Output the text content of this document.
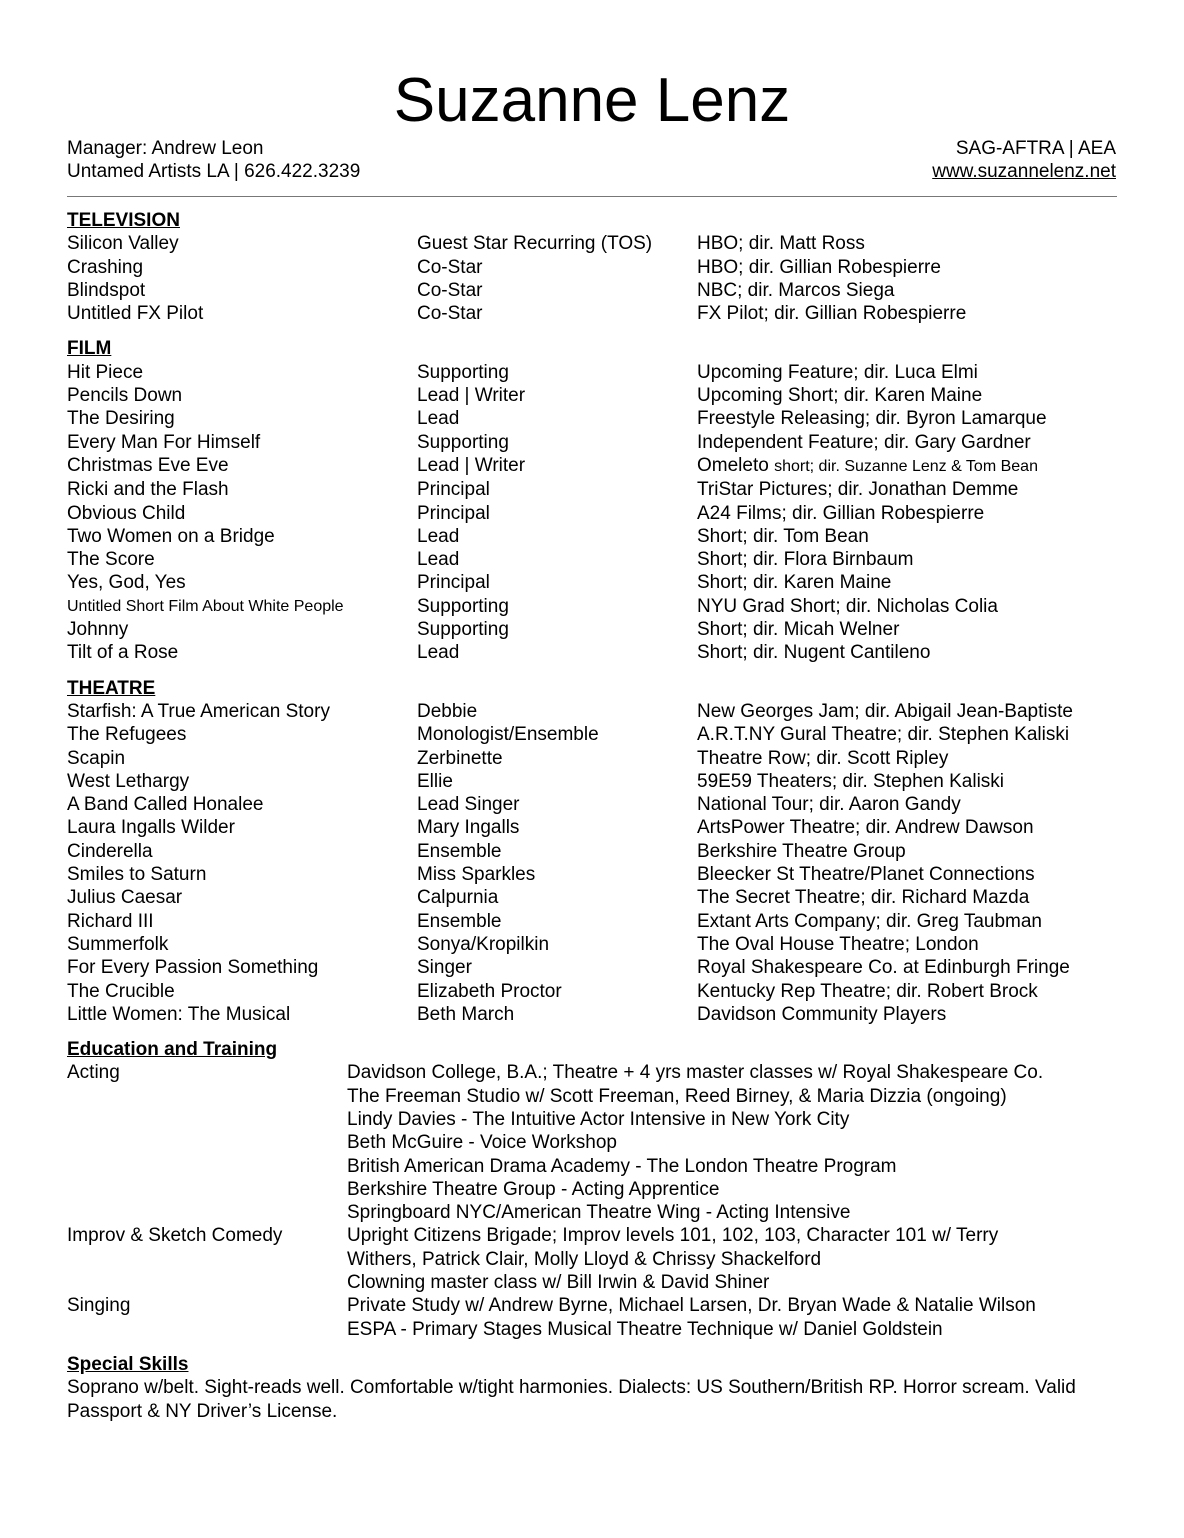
Suzanne Lenz
Manager: Andrew Leon
Untamed Artists LA | 626.422.3239
SAG-AFTRA | AEA
www.suzannelenz.net
TELEVISION
Silicon Valley	Guest Star Recurring (TOS)	HBO; dir. Matt Ross
Crashing	Co-Star	HBO; dir. Gillian Robespierre
Blindspot	Co-Star	NBC; dir. Marcos Siega
Untitled FX Pilot	Co-Star	FX Pilot; dir. Gillian Robespierre
FILM
Hit Piece	Supporting	Upcoming Feature; dir. Luca Elmi
Pencils Down	Lead | Writer	Upcoming Short; dir. Karen Maine
The Desiring	Lead	Freestyle Releasing; dir. Byron Lamarque
Every Man For Himself	Supporting	Independent Feature; dir. Gary Gardner
Christmas Eve Eve	Lead | Writer	Omeleto short; dir. Suzanne Lenz & Tom Bean
Ricki and the Flash	Principal	TriStar Pictures; dir. Jonathan Demme
Obvious Child	Principal	A24 Films; dir. Gillian Robespierre
Two Women on a Bridge	Lead	Short; dir. Tom Bean
The Score	Lead	Short; dir. Flora Birnbaum
Yes, God, Yes	Principal	Short; dir. Karen Maine
Untitled Short Film About White People	Supporting	NYU Grad Short; dir. Nicholas Colia
Johnny	Supporting	Short; dir. Micah Welner
Tilt of a Rose	Lead	Short; dir. Nugent Cantileno
THEATRE
Starfish: A True American Story	Debbie	New Georges Jam; dir. Abigail Jean-Baptiste
The Refugees	Monologist/Ensemble	A.R.T.NY Gural Theatre; dir. Stephen Kaliski
Scapin	Zerbinette	Theatre Row; dir. Scott Ripley
West Lethargy	Ellie	59E59 Theaters; dir. Stephen Kaliski
A Band Called Honalee	Lead Singer	National Tour; dir. Aaron Gandy
Laura Ingalls Wilder	Mary Ingalls	ArtsPower Theatre; dir. Andrew Dawson
Cinderella	Ensemble	Berkshire Theatre Group
Smiles to Saturn	Miss Sparkles	Bleecker St Theatre/Planet Connections
Julius Caesar	Calpurnia	The Secret Theatre; dir. Richard Mazda
Richard III	Ensemble	Extant Arts Company; dir. Greg Taubman
Summerfolk	Sonya/Kropilkin	The Oval House Theatre; London
For Every Passion Something	Singer	Royal Shakespeare Co. at Edinburgh Fringe
The Crucible	Elizabeth Proctor	Kentucky Rep Theatre; dir. Robert Brock
Little Women: The Musical	Beth March	Davidson Community Players
Education and Training
Acting	Davidson College, B.A.; Theatre + 4 yrs master classes w/ Royal Shakespeare Co.
The Freeman Studio w/ Scott Freeman, Reed Birney, & Maria Dizzia (ongoing)
Lindy Davies - The Intuitive Actor Intensive in New York City
Beth McGuire - Voice Workshop
British American Drama Academy - The London Theatre Program
Berkshire Theatre Group - Acting Apprentice
Springboard NYC/American Theatre Wing - Acting Intensive
Improv & Sketch Comedy	Upright Citizens Brigade; Improv levels 101, 102, 103, Character 101 w/ Terry
Withers, Patrick Clair, Molly Lloyd & Chrissy Shackelford
Clowning master class w/ Bill Irwin & David Shiner
Singing	Private Study w/ Andrew Byrne, Michael Larsen, Dr. Bryan Wade & Natalie Wilson
ESPA - Primary Stages Musical Theatre Technique w/ Daniel Goldstein
Special Skills
Soprano w/belt. Sight-reads well. Comfortable w/tight harmonies. Dialects: US Southern/British RP. Horror scream. Valid Passport & NY Driver’s License.
